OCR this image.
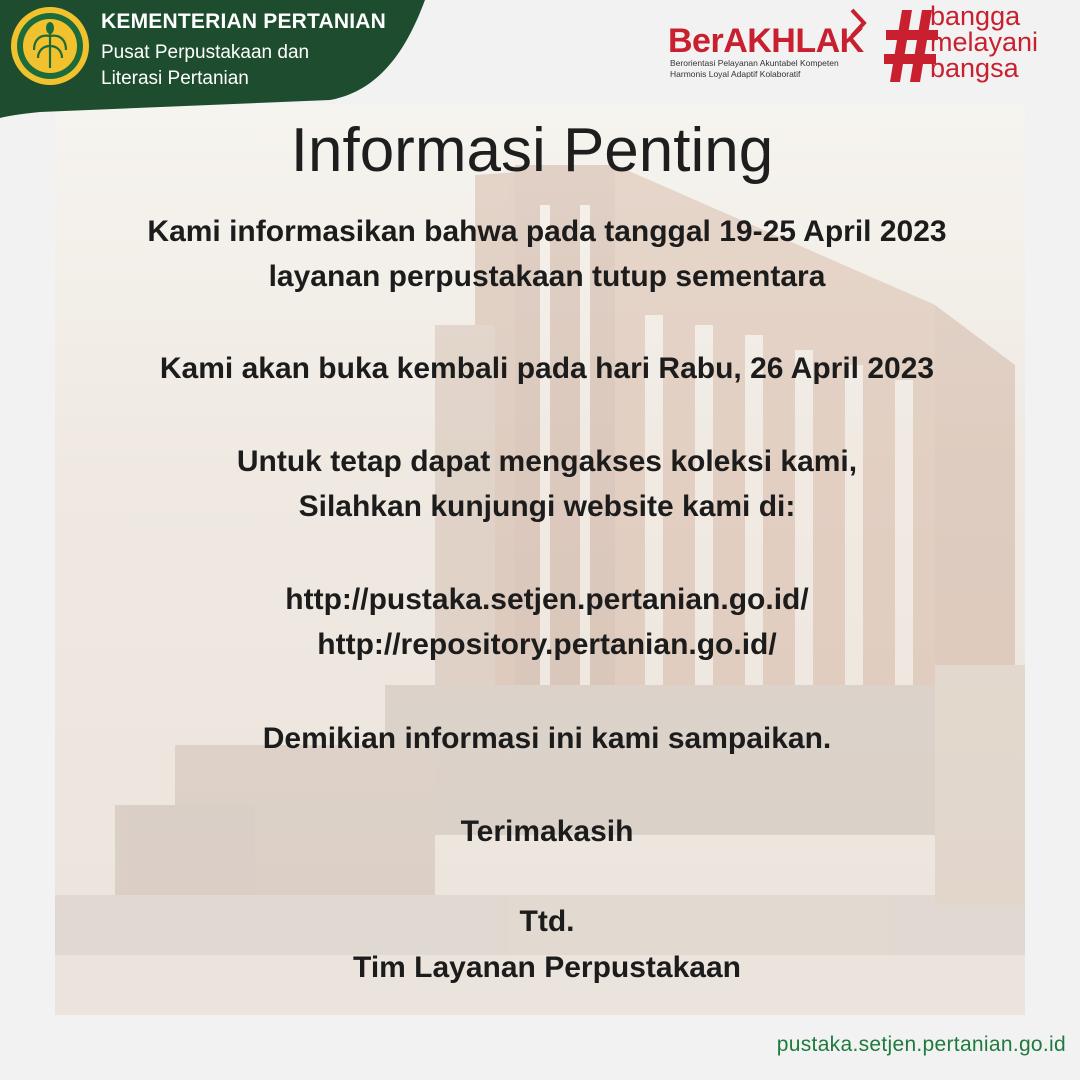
KEMENTERIAN PERTANIAN
Pusat Perpustakaan dan
Literasi Pertanian
BerAKHLAK
Berorientasi Pelayanan Akuntabel Kompeten
Harmonis Loyal Adaptif Kolaboratif
bangga
melayani
bangsa
Informasi Penting
Kami informasikan bahwa pada tanggal 19-25 April 2023
layanan perpustakaan tutup sementara
Kami akan buka kembali pada hari Rabu, 26 April 2023
Untuk tetap dapat mengakses koleksi kami,
Silahkan kunjungi website kami di:
http://pustaka.setjen.pertanian.go.id/
http://repository.pertanian.go.id/
Demikian informasi ini kami sampaikan.
Terimakasih
Ttd.
Tim Layanan Perpustakaan
pustaka.setjen.pertanian.go.id
